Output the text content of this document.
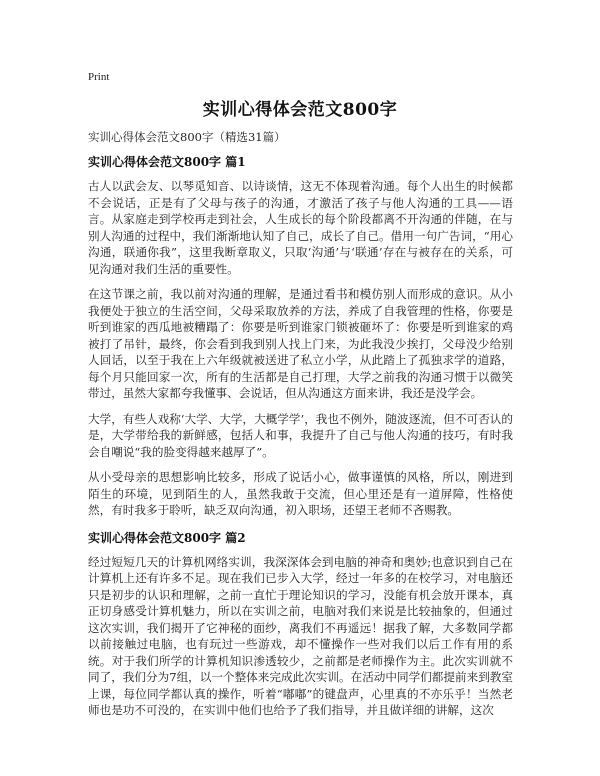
Print
实训心得体会范文800字
实训心得体会范文800字（精选31篇）
实训心得体会范文800字 篇1

古人以武会友、以琴觅知音、以诗谈情，这无不体现着沟通。每个人出生的时候都不会说话，正是有了父母与孩子的沟通，才激活了孩子与他人沟通的工具——语言。从家庭走到学校再走到社会，人生成长的每个阶段都离不开沟通的伴随，在与别人沟通的过程中，我们渐渐地认知了自己，成长了自己。借用一句广告词，“用心沟通，联通你我”，这里我断章取义，只取‘沟通’与‘联通’存在与被存在的关系，可见沟通对我们生活的重要性。

在这节课之前，我以前对沟通的理解，是通过看书和模仿别人而形成的意识。从小我便处于独立的生活空间，父母采取放养的方法，养成了自我管理的性格，你要是听到谁家的西瓜地被糟蹋了：你要是听到谁家门锁被砸坏了：你要是听到谁家的鸡被打了吊针，最终，你会看到我到别人找上门来，为此我没少挨打，父母没少给别人回话，以至于我在上六年级就被送进了私立小学，从此踏上了孤独求学的道路，每个月只能回家一次，所有的生活都是自己打理，大学之前我的沟通习惯于以微笑带过，虽然大家都夸我懂事、会说话，但从沟通这方面来讲，我还是没学会。

大学，有些人戏称‘大学、大学，大概学学’，我也不例外，随波逐流，但不可否认的是，大学带给我的新鲜感，包括人和事，我提升了自己与他人沟通的技巧，有时我会自嘲说“我的脸变得越来越厚了”。

从小受母亲的思想影响比较多，形成了说话小心，做事谨慎的风格，所以，刚进到陌生的环境，见到陌生的人，虽然我敢于交流，但心里还是有一道屏障，性格使然，有时我多于聆听，缺乏双向沟通，初入职场，还望王老师不吝赐教。

实训心得体会范文800字 篇2

经过短短几天的计算机网络实训，我深深体会到电脑的神奇和奥妙;也意识到自己在计算机上还有许多不足。现在我们已步入大学，经过一年多的在校学习，对电脑还只是初步的认识和理解，之前一直忙于理论知识的学习，没能有机会放开课本，真正切身感受计算机魅力，所以在实训之前，电脑对我们来说是比较抽象的，但通过这次实训，我们揭开了它神秘的面纱，离我们不再遥远！据我了解，大多数同学都以前接触过电脑，也有玩过一些游戏，却不懂操作一些对我们以后工作有用的系统。对于我们所学的计算机知识渗透较少，之前都是老师操作为主。此次实训就不同了，我们分为7组，以一个整体来完成此次实训。在活动中同学们都提前来到教室上课，每位同学都认真的操作，听着“嘟嘟”的键盘声，心里真的不亦乐乎！当然老师也是功不可没的，在实训中他们也给予了我们指导，并且做详细的讲解，这次
